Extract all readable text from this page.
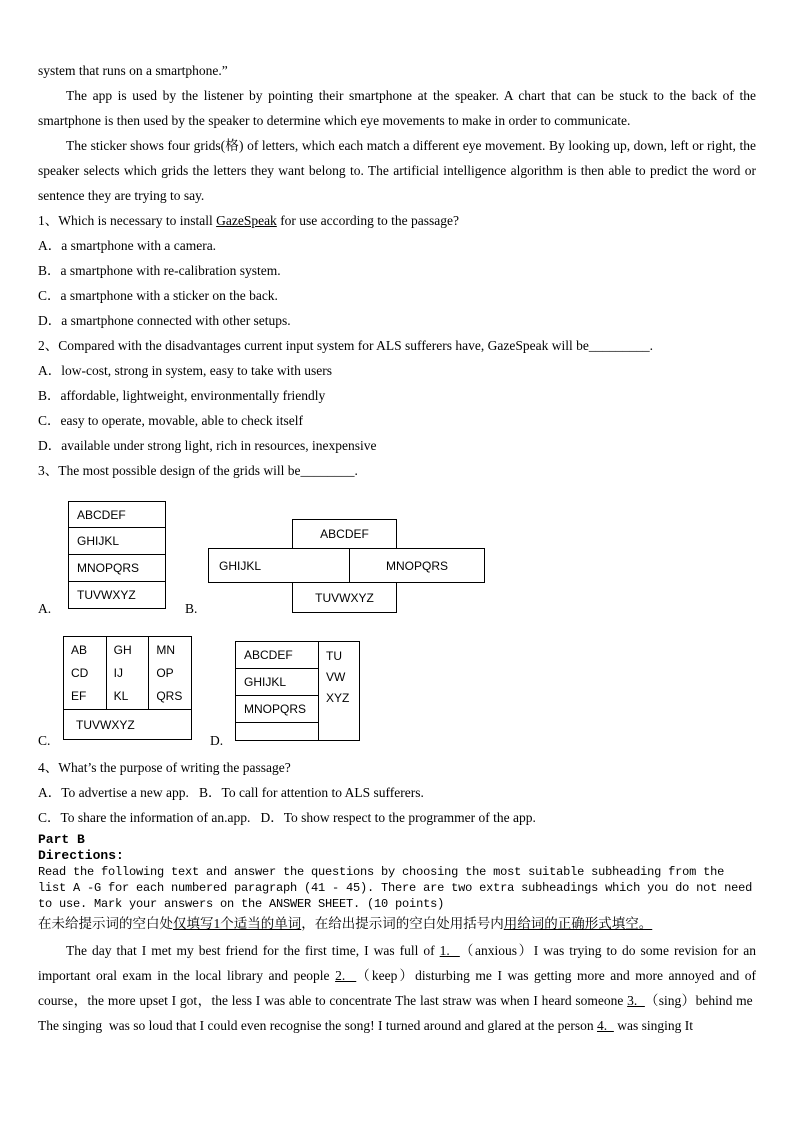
system that runs on a smartphone.”

The app is used by the listener by pointing their smartphone at the speaker. A chart that can be stuck to the back of the smartphone is then used by the speaker to determine which eye movements to make in order to communicate.

The sticker shows four grids(格) of letters, which each match a different eye movement. By looking up, down, left or right, the speaker selects which grids the letters they want belong to. The artificial intelligence algorithm is then able to predict the word or sentence they are trying to say.

1、Which is necessary to install GazeSpeak for use according to the passage?

A．a smartphone with a camera.

B．a smartphone with re-calibration system.

C．a smartphone with a sticker on the back.

D．a smartphone connected with other setups.

2、Compared with the disadvantages current input system for ALS sufferers have, GazeSpeak will be_________.

A．low-cost, strong in system, easy to take with users

B．affordable, lightweight, environmentally friendly

C．easy to operate, movable, able to check itself

D．available under strong light, rich in resources, inexpensive

3、The most possible design of the grids will be________.

ABCDEF
GHIJKL
MNOPQRS
TUVWXYZ
A.
ABCDEF
GHIJKL	MNOPQRS
TUVWXYZ
B.
AB
CD
EF
GH
IJ
KL
MN
OP
QRS
TUVWXYZ
C.
ABCDEF
GHIJKL
MNOPQRS
TU
VW
XYZ
D.

4、What’s the purpose of writing the passage?

A．To advertise a new app.   B．To call for attention to ALS sufferers.

C．To share the information of an.app.   D．To show respect to the programmer of the app.

Part B
Directions:

Read the following text and answer the questions by choosing the most suitable subheading from the
list A -G for each numbered paragraph (41 - 45). There are two extra subheadings which you do not need
to use. Mark your answers on the ANSWER SHEET. (10 points)

在未给提示词的空白处仅填写1个适当的单词，在给出提示词的空白处用括号内用给词的正确形式填空。

The day that I met my best friend for the first time, I was full of 1.  （anxious）I was trying to do some revision for an important oral exam in the local library and people 2.  （keep）disturbing me I was getting more and more annoyed and of course，the more upset I got，the less I was able to concentrate The last straw was when I heard someone 3.  （sing）behind me  The singing  was so loud that I could even recognise the song! I turned around and glared at the person 4.   was singing It
